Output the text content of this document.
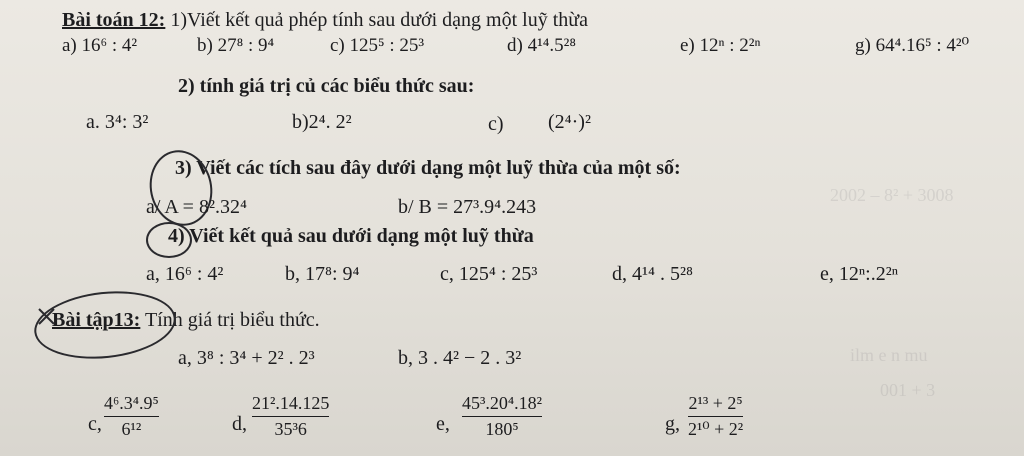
2002 – 8² + 3008
ilm e n mu
001 + 3
Bài toán 12: 1)Viết kết quả phép tính sau dưới dạng một luỹ thừa
a) 16⁶ : 4²	b) 27⁸ : 9⁴	c) 125⁵ : 25³	d) 4¹⁴.5²⁸	e) 12ⁿ : 2²ⁿ	g) 64⁴.16⁵ : 4²⁰
2) tính giá trị củ các biểu thức sau:
a. 3⁴: 3²	b)2⁴. 2²	c) (2⁴·)²
3) Viết các tích sau đây dưới dạng một luỹ thừa của một số:
a/ A = 8².32⁴	b/ B = 27³.9⁴.243
4) Viết kết quả sau dưới dạng một luỹ thừa
a, 16⁶ : 4²	b, 17⁸: 9⁴	c, 125⁴ : 25³	d, 4¹⁴ . 5²⁸	e, 12ⁿ:.2²ⁿ
Bài tập13: Tính giá trị biểu thức.
a, 3⁸ : 3⁴ + 2² . 2³	b, 3 . 4² − 2 . 3²
c,
4⁶.3⁴.9⁵
6¹²	d,
21².14.125
35³6	e,
45³.20⁴.18²
180⁵	g,
2¹³ + 2⁵
2¹⁰ + 2²
